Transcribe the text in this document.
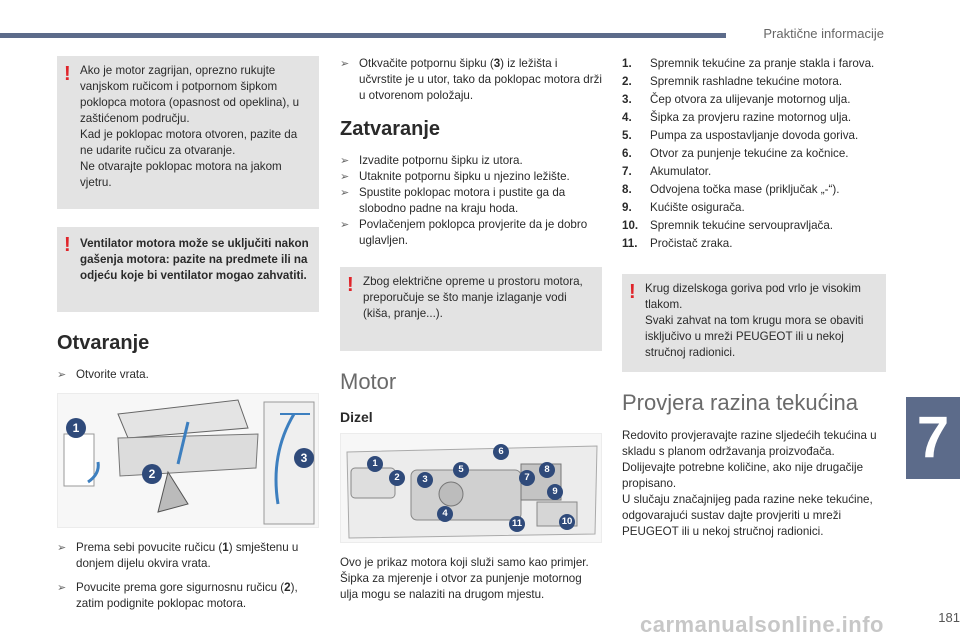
Praktične informacije
7
carmanualsonline.info	181
! Ako je motor zagrijan, oprezno rukujte vanjskom ručicom i potpornom šipkom poklopca motora (opasnost od opeklina), u zaštićenom području.

Kad je poklopac motora otvoren, pazite da ne udarite ručicu za otvaranje.

Ne otvarajte poklopac motora na jakom vjetru.

! Ventilator motora može se uključiti nakon gašenja motora: pazite na predmete ili na odjeću koje bi ventilator mogao zahvatiti.

Otvaranje
➢ Otvorite vrata.
1
2
3
➢ Prema sebi povucite ručicu (1) smještenu u donjem dijelu okvira vrata.
➢ Povucite prema gore sigurnosnu ručicu (2), zatim podignite poklopac motora.
➢ Otkvačite potpornu šipku (3) iz ležišta i učvrstite je u utor, tako da poklopac motora drži u otvorenom položaju.
Zatvaranje
➢ Izvadite potpornu šipku iz utora.
➢ Utaknite potpornu šipku u njezino ležište.
➢ Spustite poklopac motora i pustite ga da slobodno padne na kraju hoda.
➢ Povlačenjem poklopca provjerite da je dobro uglavljen.
! Zbog električne opreme u prostoru motora, preporučuje se što manje izlaganje vodi (kiša, pranje...).

Motor
Dizel
1
2	3
4
5
6
7
8
9
10
11
Ovo je prikaz motora koji služi samo kao primjer. Šipka za mjerenje i otvor za punjenje motornog ulja mogu se nalaziti na drugom mjestu.
1. Spremnik tekućine za pranje stakla i farova.
2. Spremnik rashladne tekućine motora.
3. Čep otvora za ulijevanje motornog ulja.
4. Šipka za provjeru razine motornog ulja.
5. Pumpa za uspostavljanje dovoda goriva.
6. Otvor za punjenje tekućine za kočnice.
7. Akumulator.
8. Odvojena točka mase (priključak „-“).
9. Kućište osigurača.
10. Spremnik tekućine servoupravljača.
11. Pročistač zraka.
! Krug dizelskoga goriva pod vrlo je visokim tlakom.

Svaki zahvat na tom krugu mora se obaviti isključivo u mreži PEUGEOT ili u nekoj stručnoj radionici.

Provjera razina tekućina
Redovito provjeravajte razine sljedećih tekućina u skladu s planom održavanja proizvođača. Dolijevajte potrebne količine, ako nije drugačije propisano.
U slučaju značajnijeg pada razine neke tekućine, odgovarajući sustav dajte provjeriti u mreži PEUGEOT ili u nekoj stručnoj radionici.
